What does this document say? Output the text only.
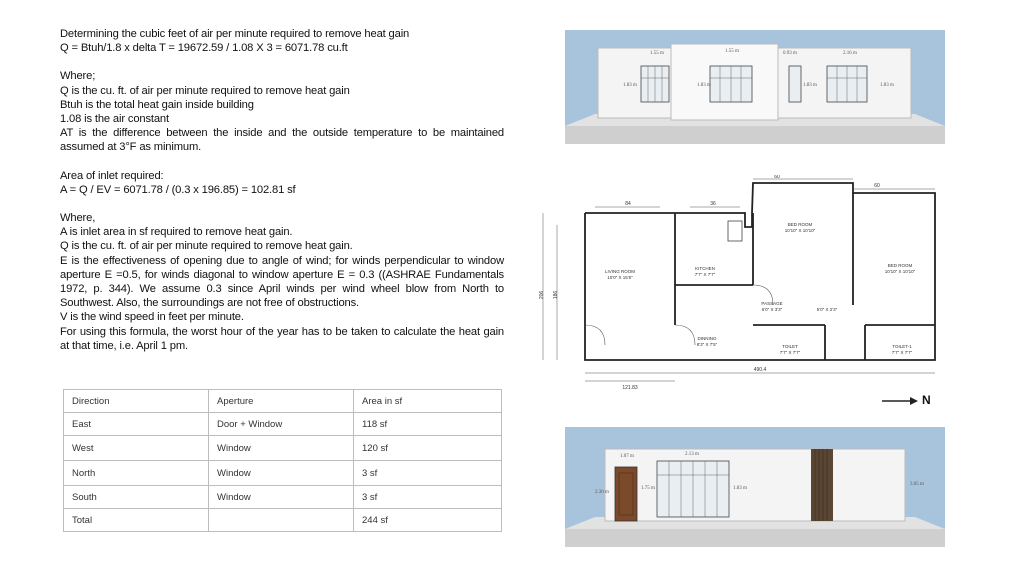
Determining the cubic feet of air per minute required to remove heat gain
Q = Btuh/1.8 x delta T = 19672.59 / 1.08 X 3 = 6071.78 cu.ft
Where;
Q is the cu. ft. of air per minute required to remove heat gain
Btuh is the total heat gain inside building
1.08 is the air constant
AT is the difference between the inside and the outside temperature to be maintained assumed at 3°F as minimum.
Area of inlet required:
A = Q / EV = 6071.78 / (0.3 x 196.85) = 102.81 sf
Where,
A is inlet area in sf required to remove heat gain.
Q is the cu. ft. of air per minute required to remove heat gain.
E is the effectiveness of opening due to angle of wind; for winds perpendicular to window aperture E =0.5, for winds diagonal to window aperture E = 0.3 ((ASHRAE Fundamentals 1972, p. 344). We assume 0.3 since April winds per wind wheel blow from North to Southwest. Also, the surroundings are not free of obstructions.
V is the wind speed in feet per minute.
For using this formula, the worst hour of the year has to be taken to calculate the heat gain at that time, i.e. April 1 pm.
Direction	Aperture	Area in sf
East	Door + Window	118 sf
West	Window	120 sf
North	Window	3 sf
South	Window	3 sf
Total		244 sf
1.55 m	1.55 m	0.93 m	2.16 m
1.83 m	1.83 m	1.83 m	1.83 m
LIVING ROOM
10'0" X 15'5"
KITCHEN
7'7" X 7'7"
BED ROOM
10'10" X 10'10"
BED ROOM
10'10" X 10'10"
PASSAGE
6'0" X 3'3"	5'0" X 2'3"
DINNING
8'3" X 7'5"	TOILET
7'7" X 7'7"
TOILET-1
7'7" X 7'7"
84	36
60
60
206 186
121.83
490.4
N
1.07 m	2.13 m
2.30 m
1.75 m	1.83 m
3.05 m
